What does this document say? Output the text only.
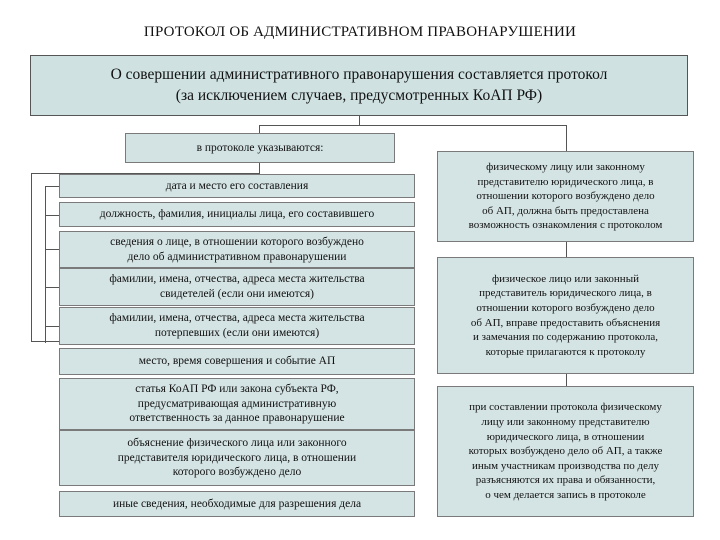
ПРОТОКОЛ ОБ АДМИНИСТРАТИВНОМ ПРАВОНАРУШЕНИИ
О совершении административного правонарушения составляется протокол
(за исключением случаев, предусмотренных КоАП РФ)
в протоколе указываются:
дата и место его составления
должность, фамилия, инициалы лица, его составившего
сведения о лице, в отношении которого возбуждено
дело об административном правонарушении
фамилии, имена, отчества, адреса места жительства
свидетелей (если они имеются)
фамилии, имена, отчества, адреса места жительства
потерпевших (если они имеются)
место, время совершения и событие АП
статья КоАП РФ или закона субъекта РФ,
предусматривающая административную
ответственность за данное правонарушение
объяснение физического лица или законного
представителя юридического лица, в отношении
которого возбуждено дело
иные сведения, необходимые для разрешения дела
физическому лицу или законному
представителю юридического лица, в
отношении которого возбуждено дело
об АП, должна быть предоставлена
возможность ознакомления с протоколом
физическое лицо или законный
представитель юридического лица, в
отношении которого возбуждено дело
об АП, вправе предоставить объяснения
и замечания по содержанию протокола,
которые прилагаются к протоколу
при составлении протокола физическому
лицу или законному представителю
юридического лица, в отношении
которых возбуждено дело об АП, а также
иным участникам производства по делу
разъясняются их права и обязанности,
о чем делается запись в протоколе
